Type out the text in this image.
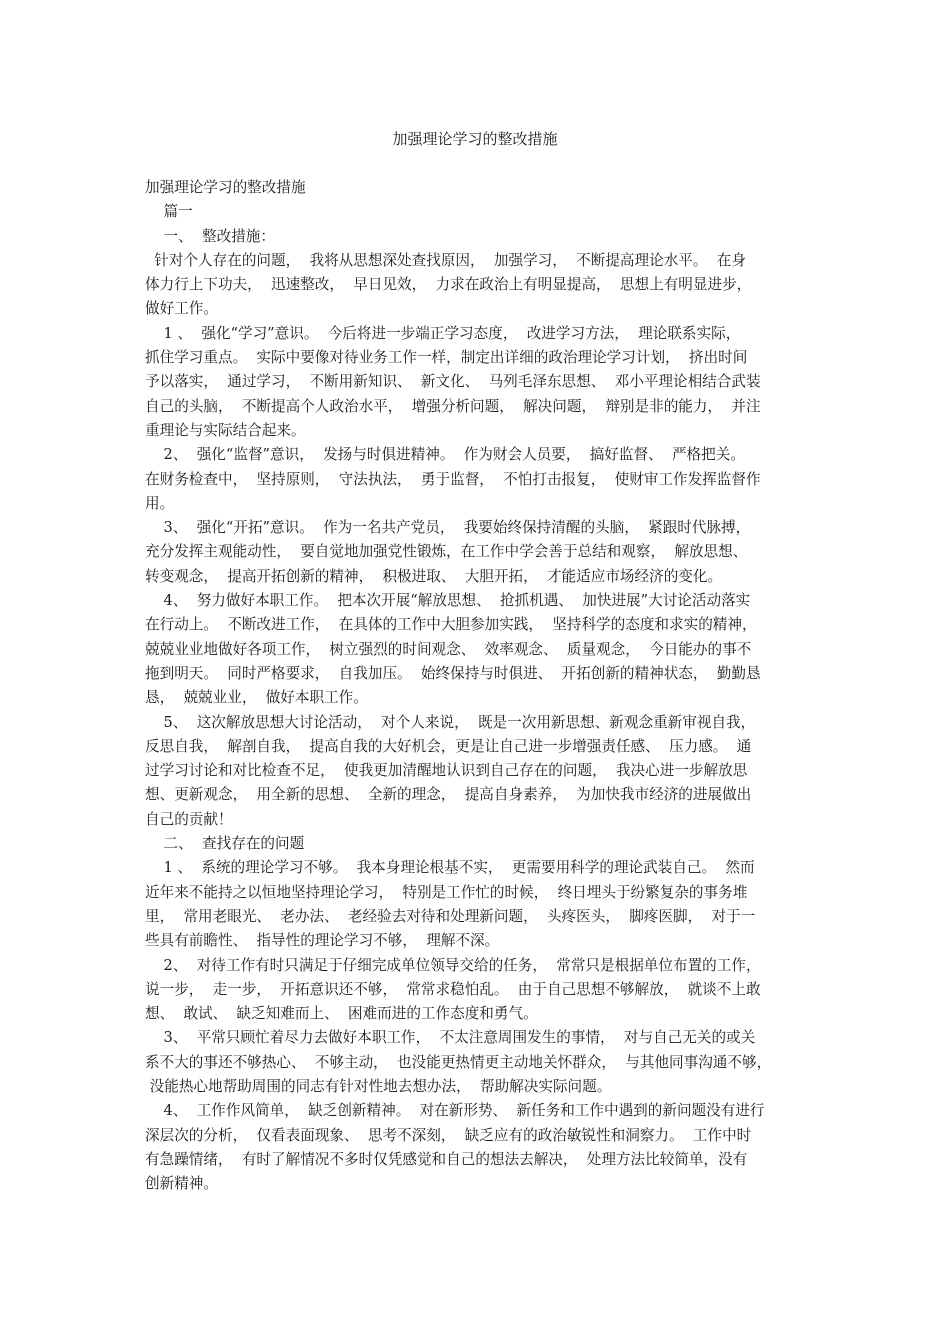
加强理论学习的整改措施

加强理论学习的整改措施

篇一

一、  整改措施：

针对个人存在的问题，  我将从思想深处查找原因，  加强学习，  不断提高理论水平。  在身

体力行上下功夫，  迅速整改，  早日见效，  力求在政治上有明显提高，  思想上有明显进步，

做好工作。

1 、  强化“学习”意识。  今后将进一步端正学习态度，  改进学习方法，  理论联系实际，

抓住学习重点。  实际中要像对待业务工作一样，制定出详细的政治理论学习计划，  挤出时间

予以落实，  通过学习，  不断用新知识、  新文化、  马列毛泽东思想、  邓小平理论相结合武装

自己的头脑，  不断提高个人政治水平，  增强分析问题，  解决问题，  辩别是非的能力，  并注

重理论与实际结合起来。

2、  强化“监督”意识，  发扬与时俱进精神。  作为财会人员要，  搞好监督、  严格把关。

在财务检查中，  坚持原则，  守法执法，  勇于监督，  不怕打击报复，  使财审工作发挥监督作

用。

3、  强化“开拓”意识。  作为一名共产党员，  我要始终保持清醒的头脑，  紧跟时代脉搏，

充分发挥主观能动性，  要自觉地加强党性锻炼，在工作中学会善于总结和观察，  解放思想、

转变观念，  提高开拓创新的精神，  积极进取、  大胆开拓，  才能适应市场经济的变化。

4、  努力做好本职工作。  把本次开展“解放思想、  抢抓机遇、  加快进展”大讨论活动落实

在行动上。  不断改进工作，  在具体的工作中大胆参加实践，  坚持科学的态度和求实的精神，

兢兢业业地做好各项工作，  树立强烈的时间观念、  效率观念、  质量观念，  今日能办的事不

拖到明天。  同时严格要求，  自我加压。  始终保持与时俱进、  开拓创新的精神状态，  勤勤恳

恳，  兢兢业业，  做好本职工作。

5、  这次解放思想大讨论活动，  对个人来说，  既是一次用新思想、新观念重新审视自我，

反思自我，  解剖自我，  提高自我的大好机会，更是让自己进一步增强责任感、  压力感。  通

过学习讨论和对比检查不足，  使我更加清醒地认识到自己存在的问题，  我决心进一步解放思

想、更新观念，  用全新的思想、  全新的理念，  提高自身素养，  为加快我市经济的进展做出

自己的贡献！

二、  查找存在的问题

1 、  系统的理论学习不够。  我本身理论根基不实，  更需要用科学的理论武装自己。  然而

近年来不能持之以恒地坚持理论学习，  特别是工作忙的时候，  终日埋头于纷繁复杂的事务堆

里，  常用老眼光、  老办法、  老经验去对待和处理新问题，  头疼医头，  脚疼医脚，  对于一

些具有前瞻性、  指导性的理论学习不够，  理解不深。

2、  对待工作有时只满足于仔细完成单位领导交给的任务，  常常只是根据单位布置的工作，

说一步，  走一步，  开拓意识还不够，  常常求稳怕乱。  由于自己思想不够解放，  就谈不上敢

想、  敢试、  缺乏知难而上、  困难而进的工作态度和勇气。

3、  平常只顾忙着尽力去做好本职工作，  不太注意周围发生的事情，  对与自己无关的或关

系不大的事还不够热心、  不够主动，  也没能更热情更主动地关怀群众，  与其他同事沟通不够，

没能热心地帮助周围的同志有针对性地去想办法，  帮助解决实际问题。

4、  工作作风简单，  缺乏创新精神。  对在新形势、  新任务和工作中遇到的新问题没有进行

深层次的分析，  仅看表面现象、  思考不深刻，  缺乏应有的政治敏锐性和洞察力。  工作中时

有急躁情绪，  有时了解情况不多时仅凭感觉和自己的想法去解决，  处理方法比较简单，没有

创新精神。
